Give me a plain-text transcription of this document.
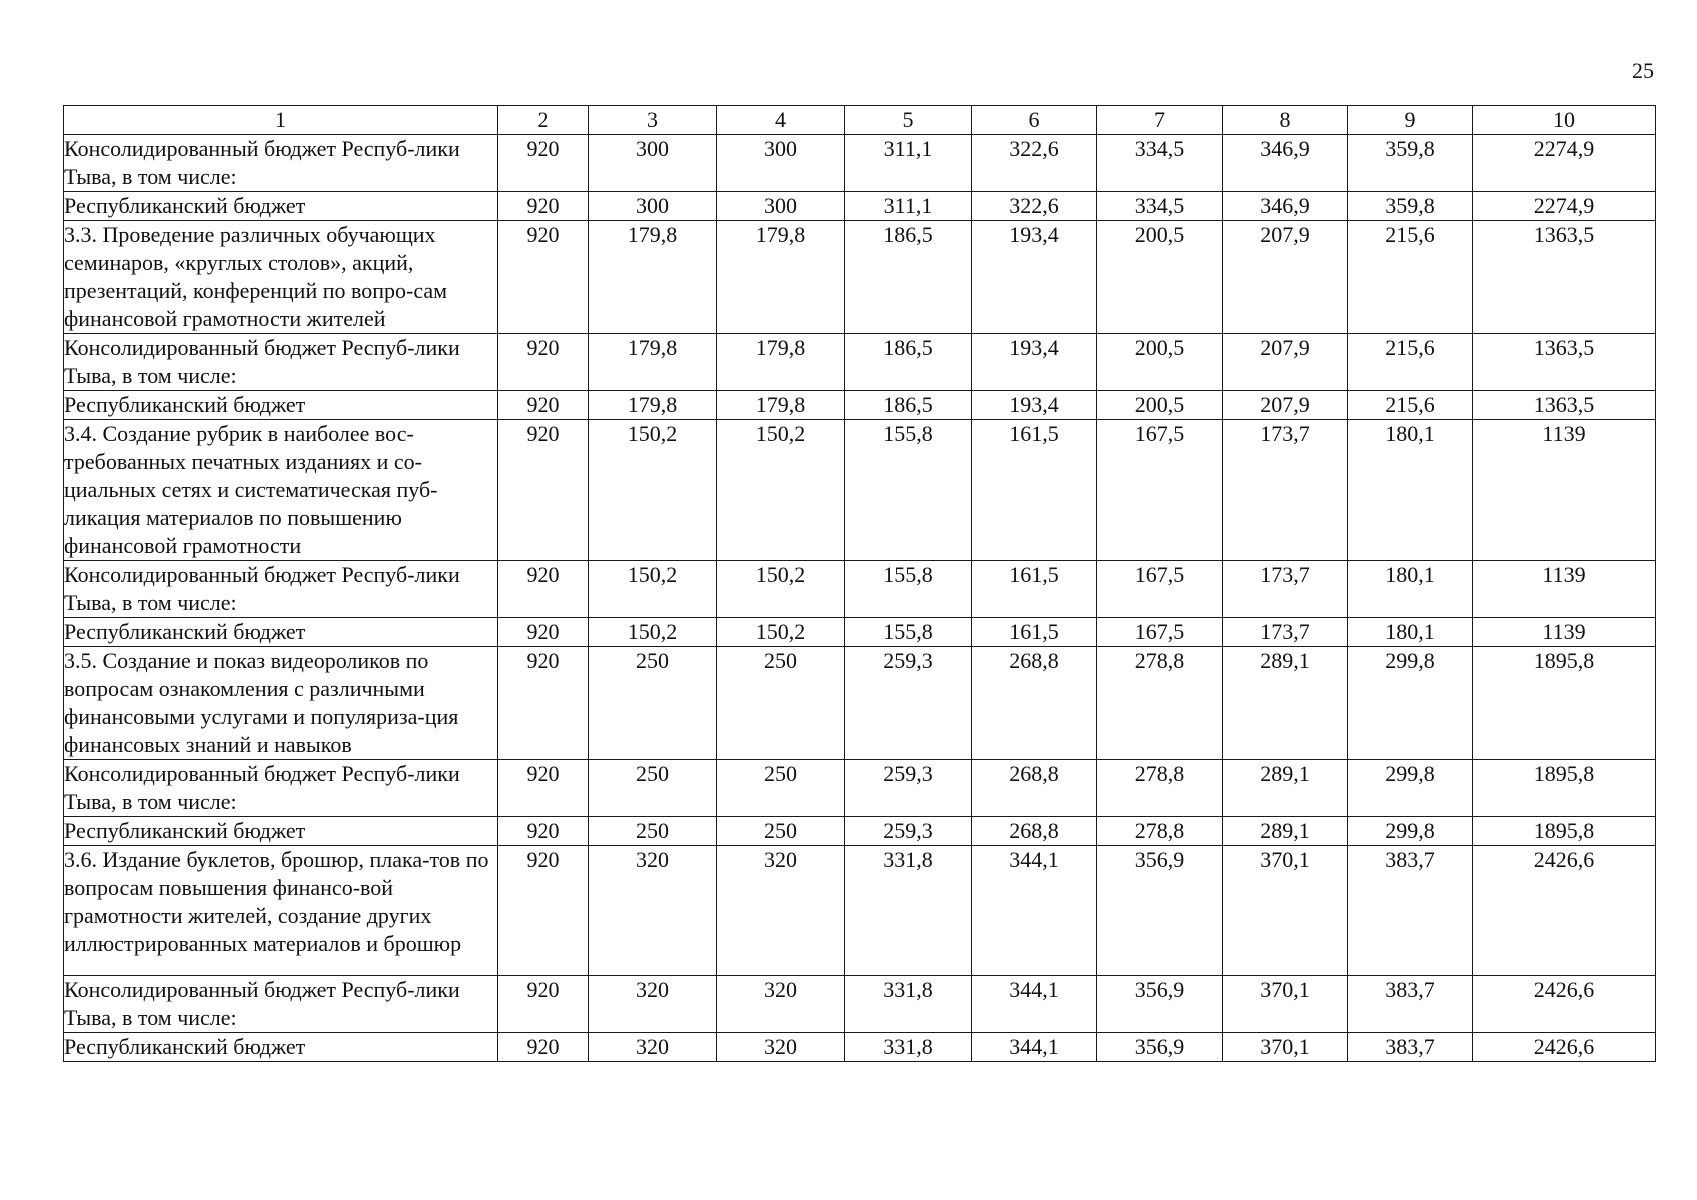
25
1	2	3	4	5	6	7	8	9	10
Консолидированный бюджет Респуб-лики Тыва, в том числе:	920	300	300	311,1	322,6	334,5	346,9	359,8	2274,9
Республиканский бюджет	920	300	300	311,1	322,6	334,5	346,9	359,8	2274,9
3.3. Проведение различных обучающих семинаров, «круглых столов», акций, презентаций, конференций по вопро-сам финансовой грамотности жителей	920	179,8	179,8	186,5	193,4	200,5	207,9	215,6	1363,5
Консолидированный бюджет Респуб-лики Тыва, в том числе:	920	179,8	179,8	186,5	193,4	200,5	207,9	215,6	1363,5
Республиканский бюджет	920	179,8	179,8	186,5	193,4	200,5	207,9	215,6	1363,5
3.4. Создание рубрик в наиболее вос-требованных печатных изданиях и со-циальных сетях и систематическая пуб-ликация материалов по повышению финансовой грамотности	920	150,2	150,2	155,8	161,5	167,5	173,7	180,1	1139
Консолидированный бюджет Респуб-лики Тыва, в том числе:	920	150,2	150,2	155,8	161,5	167,5	173,7	180,1	1139
Республиканский бюджет	920	150,2	150,2	155,8	161,5	167,5	173,7	180,1	1139
3.5. Создание и показ видеороликов по вопросам ознакомления с различными финансовыми услугами и популяриза-ция финансовых знаний и навыков	920	250	250	259,3	268,8	278,8	289,1	299,8	1895,8
Консолидированный бюджет Респуб-лики Тыва, в том числе:	920	250	250	259,3	268,8	278,8	289,1	299,8	1895,8
Республиканский бюджет	920	250	250	259,3	268,8	278,8	289,1	299,8	1895,8
3.6. Издание буклетов, брошюр, плака-тов по вопросам повышения финансо-вой грамотности жителей, создание других иллюстрированных материалов и брошюр	920	320	320	331,8	344,1	356,9	370,1	383,7	2426,6
Консолидированный бюджет Респуб-лики Тыва, в том числе:	920	320	320	331,8	344,1	356,9	370,1	383,7	2426,6
Республиканский бюджет	920	320	320	331,8	344,1	356,9	370,1	383,7	2426,6
